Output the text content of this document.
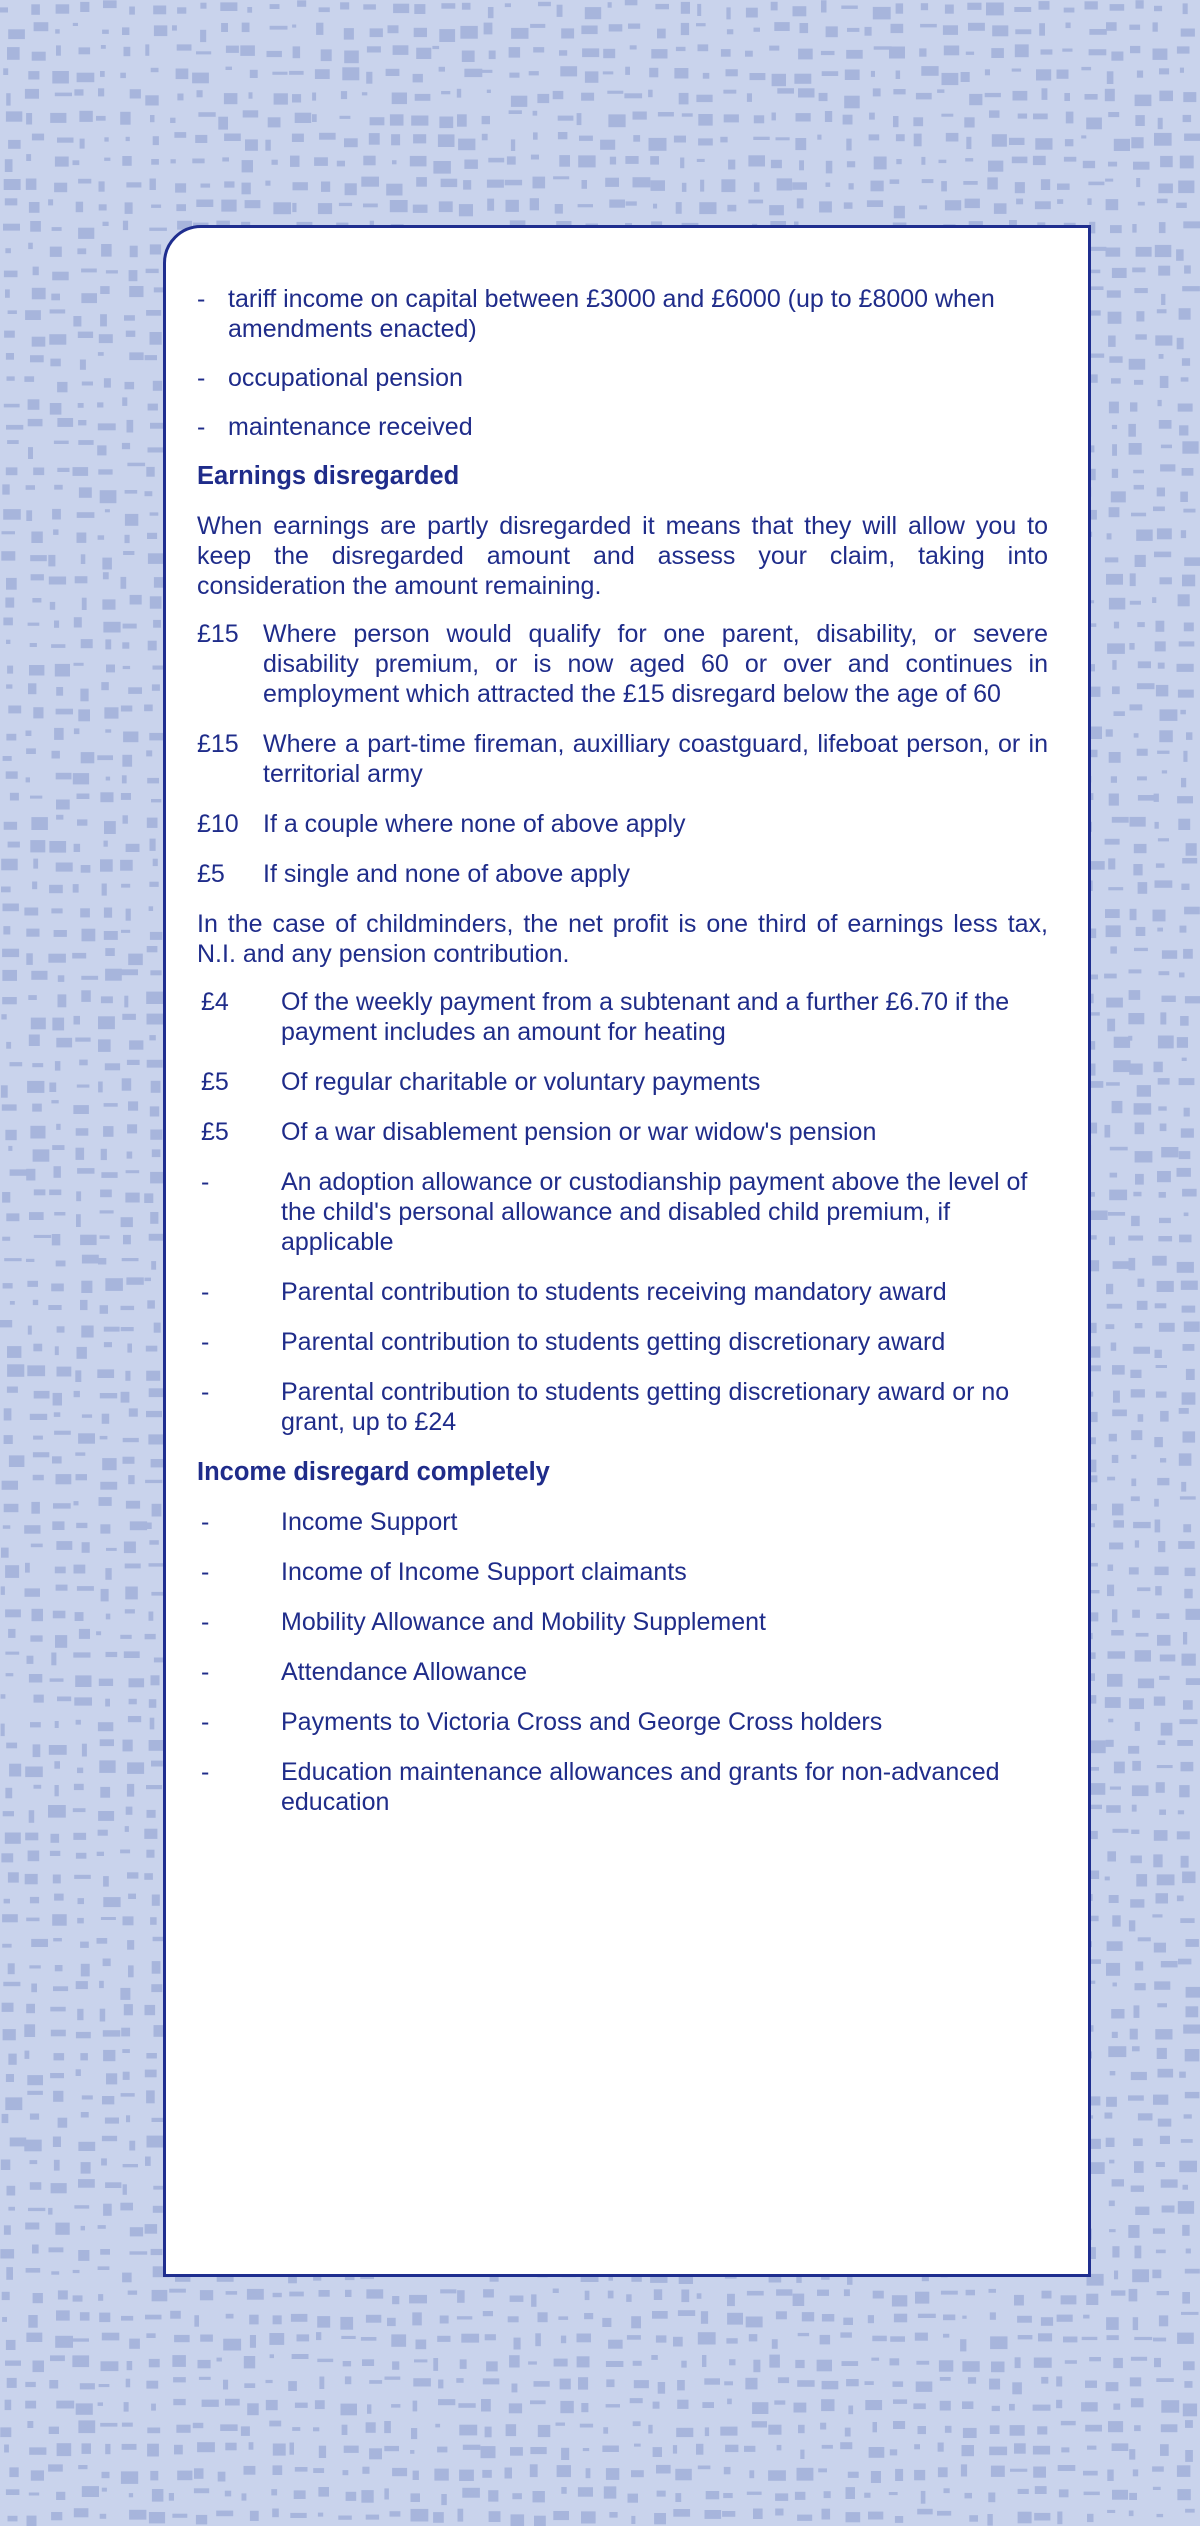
- tariff income on capital between £3000 and £6000 (up to £8000 when amendments enacted)
- occupational pension
- maintenance received
Earnings disregarded
When earnings are partly disregarded it means that they will allow you to keep the disregarded amount and assess your claim, taking into consideration the amount remaining.
£15 Where person would qualify for one parent, disability, or severe disability premium, or is now aged 60 or over and continues in employment which attracted the £15 disregard below the age of 60
£15 Where a part-time fireman, auxilliary coastguard, lifeboat person, or in territorial army
£10 If a couple where none of above apply
£5	If single and none of above apply
In the case of childminders, the net profit is one third of earnings less tax, N.I. and any pension contribution.
£4	Of the weekly payment from a subtenant and a further £6.70 if the payment includes an amount for heating
£5	Of regular charitable or voluntary payments
£5	Of a war disablement pension or war widow's pension
-	An adoption allowance or custodianship payment above the level of the child's personal allowance and disabled child premium, if applicable
-	Parental contribution to students receiving mandatory award
-	Parental contribution to students getting discretionary award
-	Parental contribution to students getting discretionary award or no grant, up to £24
Income disregard completely
-	Income Support
-	Income of Income Support claimants
-	Mobility Allowance and Mobility Supplement
-	Attendance Allowance
-	Payments to Victoria Cross and George Cross holders
-	Education maintenance allowances and grants for non-advanced education
